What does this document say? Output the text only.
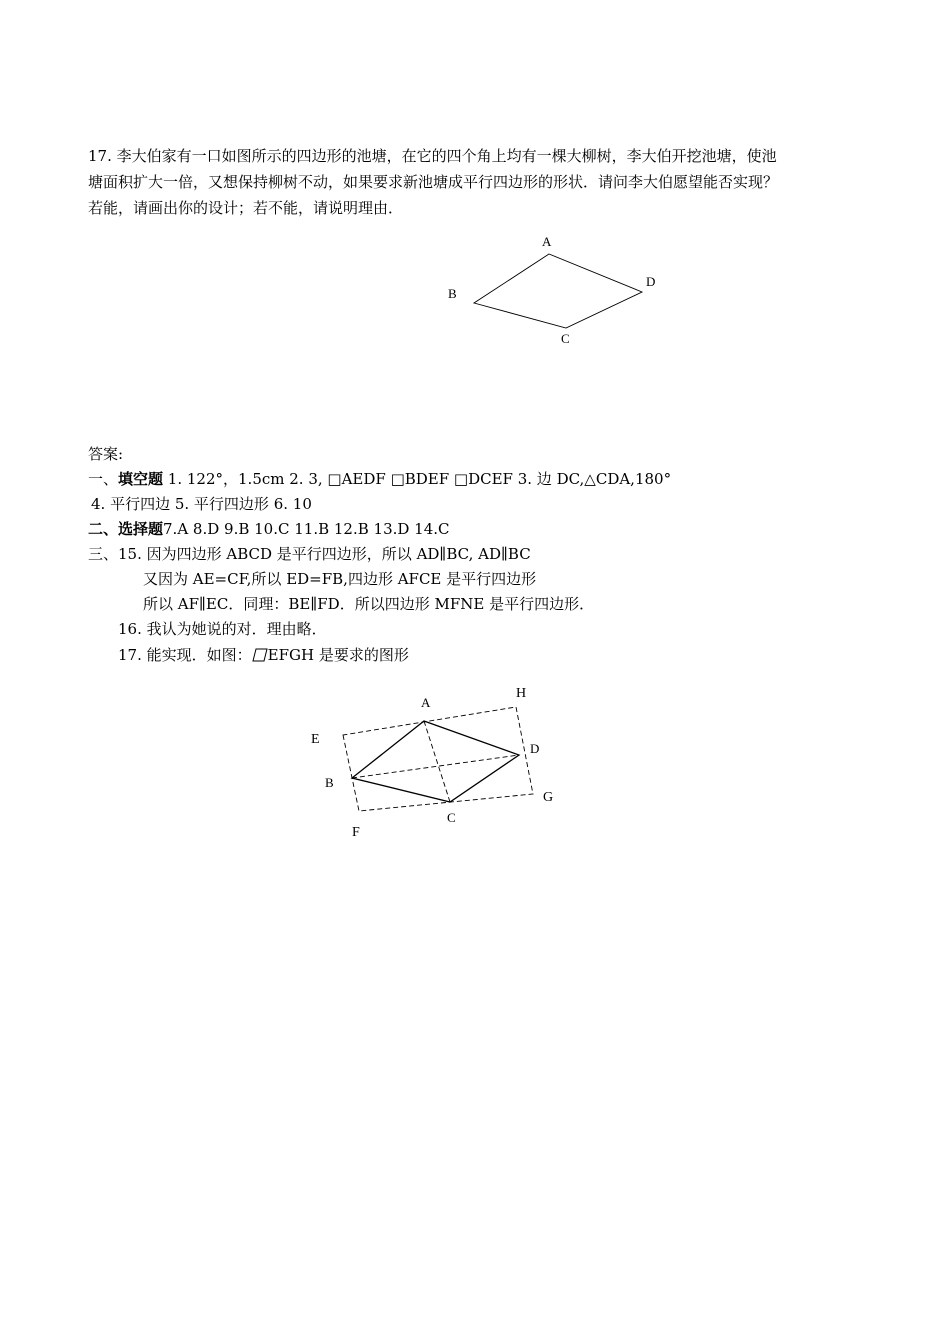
17. 李大伯家有一口如图所示的四边形的池塘，在它的四个角上均有一棵大柳树，李大伯开挖池塘，使池
塘面积扩大一倍，又想保持柳树不动，如果要求新池塘成平行四边形的形状．请问李大伯愿望能否实现？
若能，请画出你的设计；若不能，请说明理由．
A
B
C
D
答案:
一、填空题 1. 122°，1.5cm 2. 3, □AEDF □BDEF □DCEF 3. 边 DC,△CDA,180°
4. 平行四边 5. 平行四边形 6. 10
二、选择题7.A 8.D 9.B 10.C 11.B 12.B 13.D 14.C
三、15. 因为四边形 ABCD 是平行四边形，所以 AD∥BC, AD∥BC
又因为 AE=CF,所以 ED=FB,四边形 AFCE 是平行四边形
所以 AF∥EC．同理：BE∥FD．所以四边形 MFNE 是平行四边形．
16. 我认为她说的对．理由略．
17. 能实现．如图： EFGH 是要求的图形
A
B
C
D
E
F
G
H
